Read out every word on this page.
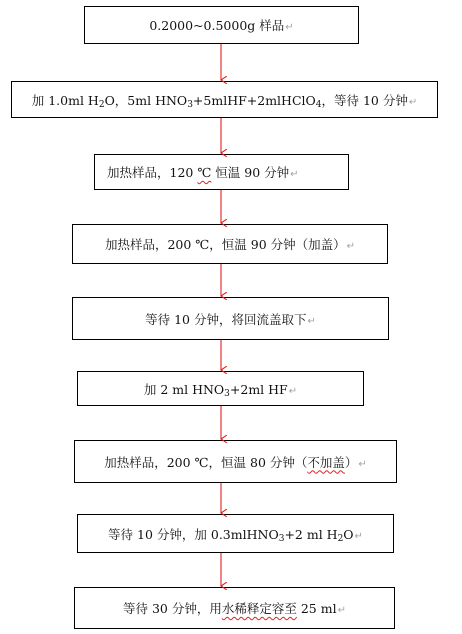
0.2000~0.5000g 样品↵
加 1.0ml $H_2O$，5ml $HNO_3+5mlHF+2mlHClO_4$，等待 10 分钟↵
加热样品，120 ℃ 恒温 90 分钟↵
加热样品，200 ℃，恒温 90 分钟（加盖）↵
等待 10 分钟，将回流盖取下↵
加 2 ml $HNO_3+2ml$ HF↵
加热样品，200 ℃，恒温 80 分钟（不加盖）↵
等待 10 分钟，加 0.3mlHNO$_3$+2 ml $H_2O↵$
等待 30 分钟，用水稀释定容至 25 ml↵
